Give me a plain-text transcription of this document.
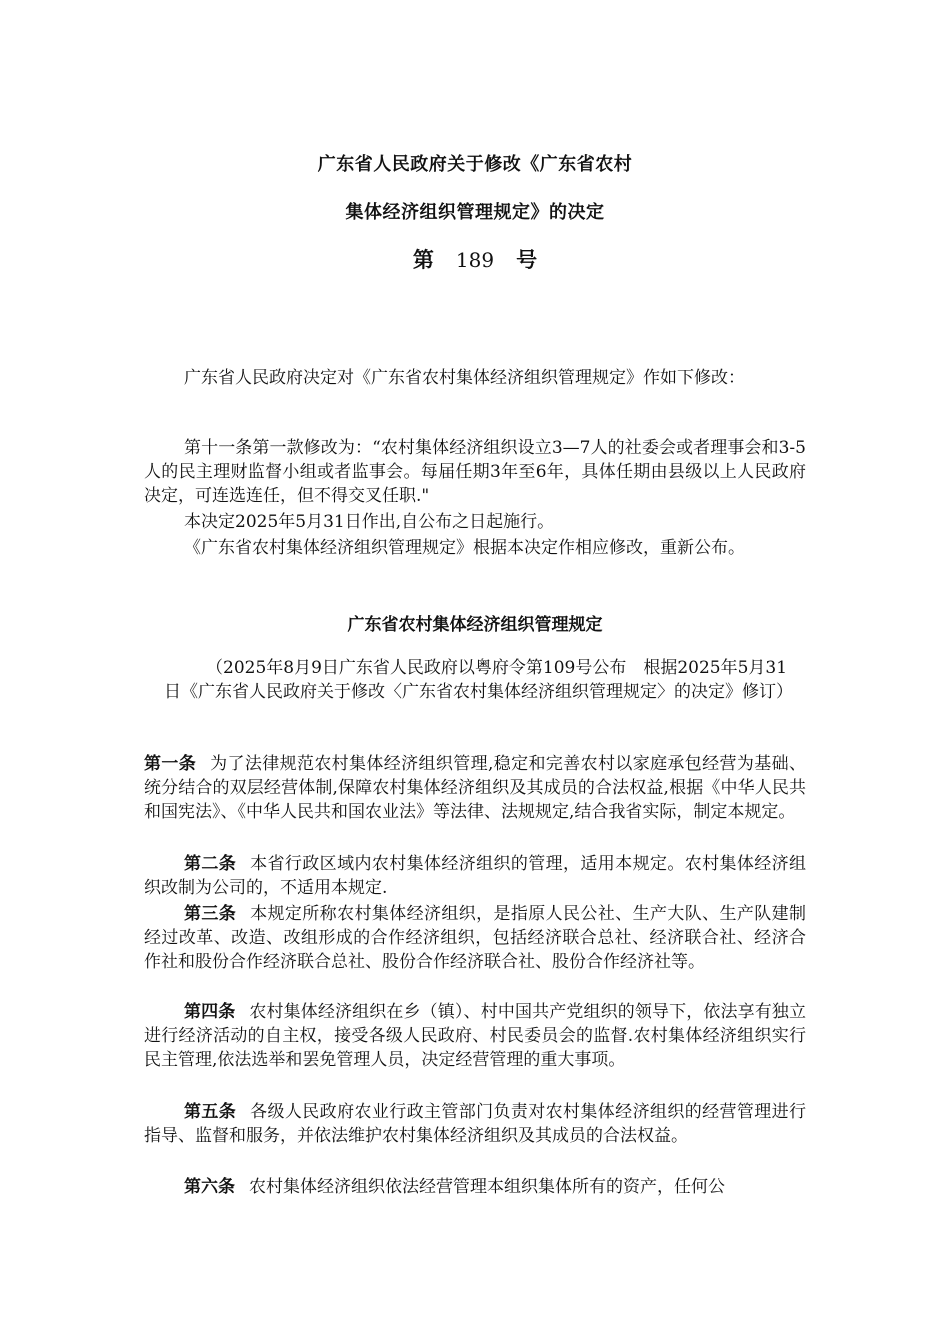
广东省人民政府关于修改《广东省农村
集体经济组织管理规定》的决定
第 189 号
广东省人民政府决定对《广东省农村集体经济组织管理规定》作如下修改：
第十一条第一款修改为：“农村集体经济组织设立3—7人的社委会或者理事会和3-5人的民主理财监督小组或者监事会。每届任期3年至6年，具体任期由县级以上人民政府决定，可连选连任，但不得交叉任职."
本决定2025年5月31日作出,自公布之日起施行。
《广东省农村集体经济组织管理规定》根据本决定作相应修改，重新公布。
广东省农村集体经济组织管理规定
（2025年8月9日广东省人民政府以粤府令第109号公布　根据2025年5月31日《广东省人民政府关于修改〈广东省农村集体经济组织管理规定〉的决定》修订）
第一条 为了法律规范农村集体经济组织管理,稳定和完善农村以家庭承包经营为基础、统分结合的双层经营体制,保障农村集体经济组织及其成员的合法权益,根据《中华人民共和国宪法》、《中华人民共和国农业法》等法律、法规规定,结合我省实际，制定本规定。
第二条 本省行政区域内农村集体经济组织的管理，适用本规定。农村集体经济组织改制为公司的，不适用本规定.
第三条 本规定所称农村集体经济组织，是指原人民公社、生产大队、生产队建制经过改革、改造、改组形成的合作经济组织，包括经济联合总社、经济联合社、经济合作社和股份合作经济联合总社、股份合作经济联合社、股份合作经济社等。
第四条 农村集体经济组织在乡（镇）、村中国共产党组织的领导下，依法享有独立进行经济活动的自主权，接受各级人民政府、村民委员会的监督.农村集体经济组织实行民主管理,依法选举和罢免管理人员，决定经营管理的重大事项。
第五条 各级人民政府农业行政主管部门负责对农村集体经济组织的经营管理进行指导、监督和服务，并依法维护农村集体经济组织及其成员的合法权益。
第六条 农村集体经济组织依法经营管理本组织集体所有的资产，任何公
